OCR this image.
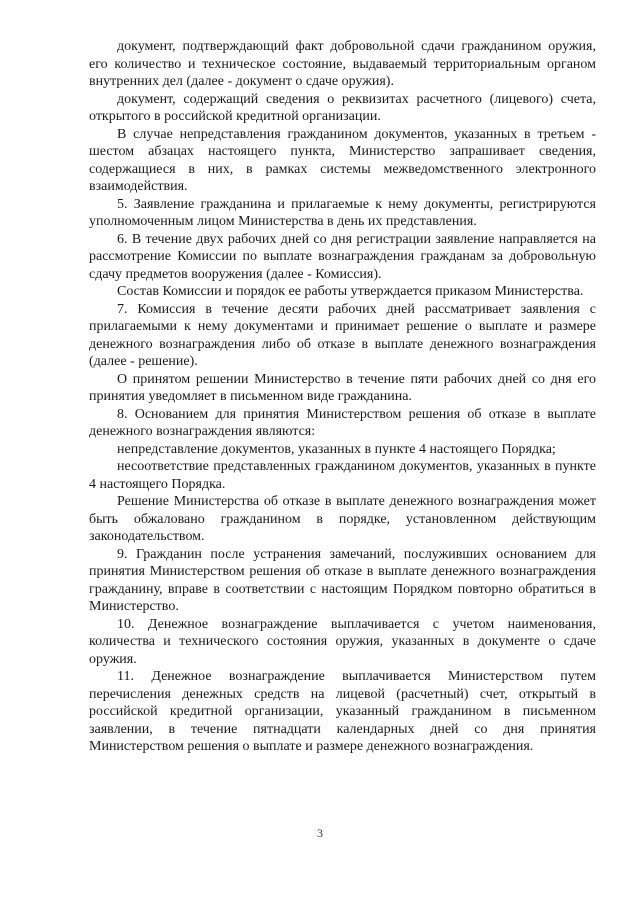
документ, подтверждающий факт добровольной сдачи гражданином оружия, его количество и техническое состояние, выдаваемый территориальным органом внутренних дел (далее - документ о сдаче оружия).

документ, содержащий сведения о реквизитах расчетного (лицевого) счета, открытого в российской кредитной организации.

В случае непредставления гражданином документов, указанных в третьем - шестом абзацах настоящего пункта, Министерство запрашивает сведения, содержащиеся в них, в рамках системы межведомственного электронного взаимодействия.

5. Заявление гражданина и прилагаемые к нему документы, регистрируются уполномоченным лицом Министерства в день их представления.

6. В течение двух рабочих дней со дня регистрации заявление направляется на рассмотрение Комиссии по выплате вознаграждения гражданам за добровольную сдачу предметов вооружения (далее - Комиссия).

Состав Комиссии и порядок ее работы утверждается приказом Министерства.

7. Комиссия в течение десяти рабочих дней рассматривает заявления с прилагаемыми к нему документами и принимает решение о выплате и размере денежного вознаграждения либо об отказе в выплате денежного вознаграждения (далее - решение).

О принятом решении Министерство в течение пяти рабочих дней со дня его принятия уведомляет в письменном виде гражданина.

8. Основанием для принятия Министерством решения об отказе в выплате денежного вознаграждения являются:

непредставление документов, указанных в пункте 4 настоящего Порядка;

несоответствие представленных гражданином документов, указанных в пункте 4 настоящего Порядка.

Решение Министерства об отказе в выплате денежного вознаграждения может быть обжаловано гражданином в порядке, установленном действующим законодательством.

9. Гражданин после устранения замечаний, послуживших основанием для принятия Министерством решения об отказе в выплате денежного вознаграждения гражданину, вправе в соответствии с настоящим Порядком повторно обратиться в Министерство.

10. Денежное вознаграждение выплачивается с учетом наименования, количества и технического состояния оружия, указанных в документе о сдаче оружия.

11. Денежное вознаграждение выплачивается Министерством путем перечисления денежных средств на лицевой (расчетный) счет, открытый в российской кредитной организации, указанный гражданином в письменном заявлении, в течение пятнадцати календарных дней со дня принятия Министерством решения о выплате и размере денежного вознаграждения.

3
